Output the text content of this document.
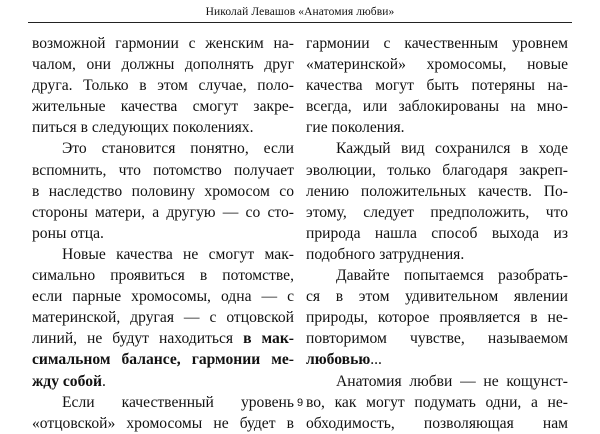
Николай Левашов «Анатомия любви»
возможной гармонии с женским на-
чалом, они должны дополнять друг
друга. Только в этом случае, поло-
жительные качества смогут закре-
питься в следующих поколениях.
Это становится понятно, если
вспомнить, что потомство получает
в наследство половину хромосом со
стороны матери, а другую — со сто-
роны отца.
Новые качества не смогут мак-
симально проявиться в потомстве,
если парные хромосомы, одна — с
материнской, другая — с отцовской
линий, не будут находиться в мак-
симальном балансе, гармонии ме-
жду собой.
Если качественный уровень
«отцовской» хромосомы не будет в
гармонии с качественным уровнем
«материнской» хромосомы, новые
качества могут быть потеряны на-
всегда, или заблокированы на мно-
гие поколения.
Каждый вид сохранился в ходе
эволюции, только благодаря закреп-
лению положительных качеств. По-
этому, следует предположить, что
природа нашла способ выхода из
подобного затруднения.
Давайте попытаемся разобрать-
ся в этом удивительном явлении
природы, которое проявляется в не-
повторимом чувстве, называемом
любовью...
Анатомия любви — не кощунст-
во, как могут подумать одни, а не-
обходимость, позволяющая нам
9
